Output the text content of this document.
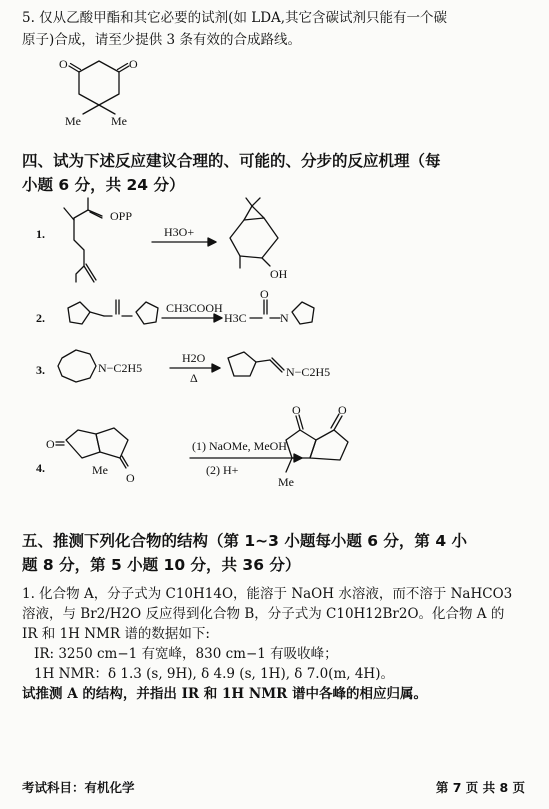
5. 仅从乙酸甲酯和其它必要的试剂(如 LDA,其它含碳试剂只能有一个碳
原子)合成，请至少提供 3 条有效的合成路线。
O	O
Me	Me
四、试为下述反应建议合理的、可能的、分步的反应机理（每
小题 6 分，共 24 分）
1.
OPP
H3O+
OH
2.
CH3COOH
H3C
O
N
3.	N−C2H5
H2O
Δ	N−C2H5
4.
O
O
Me
(1) NaOMe, MeOH
(2) H+
O	O
Me
五、推测下列化合物的结构（第 1~3 小题每小题 6 分，第 4 小
题 8 分，第 5 小题 10 分，共 36 分）
1. 化合物 A，分子式为 C10H14O，能溶于 NaOH 水溶液，而不溶于 NaHCO3
溶液，与 Br2/H2O 反应得到化合物 B，分子式为 C10H12Br2O。化合物 A 的
IR 和 1H NMR 谱的数据如下:
IR: 3250 cm−1 有宽峰，830 cm−1 有吸收峰；
1H NMR：δ 1.3 (s, 9H), δ 4.9 (s, 1H), δ 7.0(m, 4H)。
试推测 A 的结构，并指出 IR 和 1H NMR 谱中各峰的相应归属。
考试科目：有机化学	第 7 页 共 8 页
